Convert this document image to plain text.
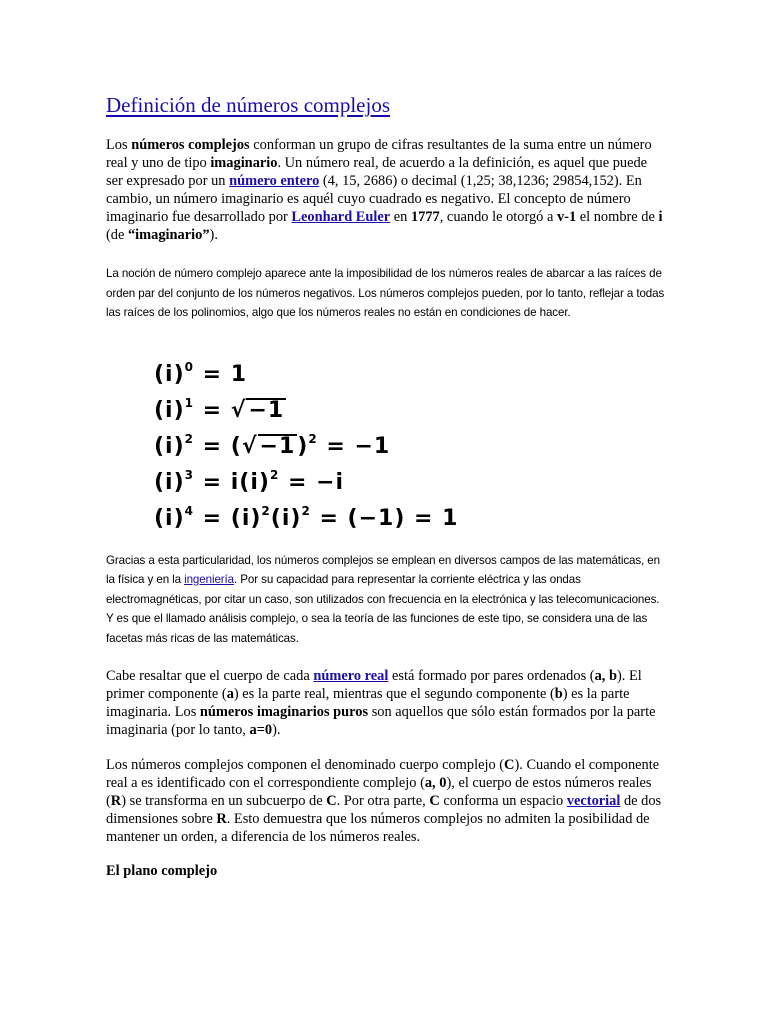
Definición de números complejos

Los números complejos conforman un grupo de cifras resultantes de la suma entre un número real y uno de tipo imaginario. Un número real, de acuerdo a la definición, es aquel que puede ser expresado por un número entero (4, 15, 2686) o decimal (1,25; 38,1236; 29854,152). En cambio, un número imaginario es aquél cuyo cuadrado es negativo. El concepto de número imaginario fue desarrollado por Leonhard Euler en 1777, cuando le otorgó a v-1 el nombre de i (de “imaginario”).

La noción de número complejo aparece ante la imposibilidad de los números reales de abarcar a las raíces de orden par del conjunto de los números negativos. Los números complejos pueden, por lo tanto, reflejar a todas las raíces de los polinomios, algo que los números reales no están en condiciones de hacer.

$(i)^0 = 1$
$(i)^1 = √-1$
$(i)^2 = (√-1)^2 = -1$
$(i)^3 = i(i)^2 = -i$
$(i)^4 = (i)^2(i)^2 = (-1) = 1$

Gracias a esta particularidad, los números complejos se emplean en diversos campos de las matemáticas, en la física y en la ingeniería. Por su capacidad para representar la corriente eléctrica y las ondas electromagnéticas, por citar un caso, son utilizados con frecuencia en la electrónica y las telecomunicaciones. Y es que el llamado análisis complejo, o sea la teoría de las funciones de este tipo, se considera una de las facetas más ricas de las matemáticas.

Cabe resaltar que el cuerpo de cada número real está formado por pares ordenados (a, b). El primer componente (a) es la parte real, mientras que el segundo componente (b) es la parte imaginaria. Los números imaginarios puros son aquellos que sólo están formados por la parte imaginaria (por lo tanto, a=0).

Los números complejos componen el denominado cuerpo complejo (C). Cuando el componente real a es identificado con el correspondiente complejo (a, 0), el cuerpo de estos números reales (R) se transforma en un subcuerpo de C. Por otra parte, C conforma un espacio vectorial de dos dimensiones sobre R. Esto demuestra que los números complejos no admiten la posibilidad de mantener un orden, a diferencia de los números reales.

El plano complejo
